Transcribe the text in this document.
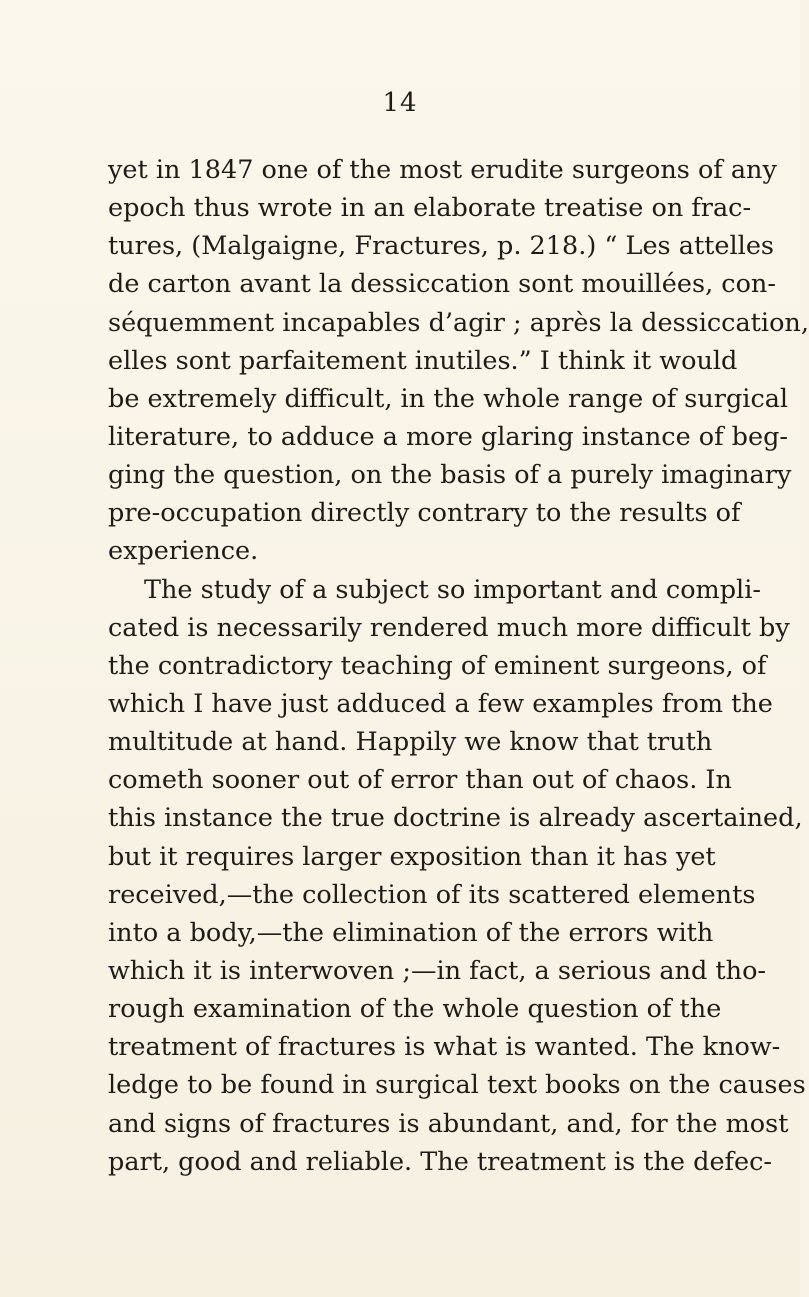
14
yet in 1847 one of the most erudite surgeons of any
epoch thus wrote in an elaborate treatise on frac-
tures, (Malgaigne, Fractures, p. 218.) “ Les attelles
de carton avant la dessiccation sont mouillées, con-
séquemment incapables d’agir ; après la dessiccation,
elles sont parfaitement inutiles.” I think it would
be extremely difficult, in the whole range of surgical
literature, to adduce a more glaring instance of beg-
ging the question, on the basis of a purely imaginary
pre-occupation directly contrary to the results of
experience.
The study of a subject so important and compli-
cated is necessarily rendered much more difficult by
the contradictory teaching of eminent surgeons, of
which I have just adduced a few examples from the
multitude at hand. Happily we know that truth
cometh sooner out of error than out of chaos. In
this instance the true doctrine is already ascertained,
but it requires larger exposition than it has yet
received,—the collection of its scattered elements
into a body,—the elimination of the errors with
which it is interwoven ;—in fact, a serious and tho-
rough examination of the whole question of the
treatment of fractures is what is wanted. The know-
ledge to be found in surgical text books on the causes
and signs of fractures is abundant, and, for the most
part, good and reliable. The treatment is the defec-
